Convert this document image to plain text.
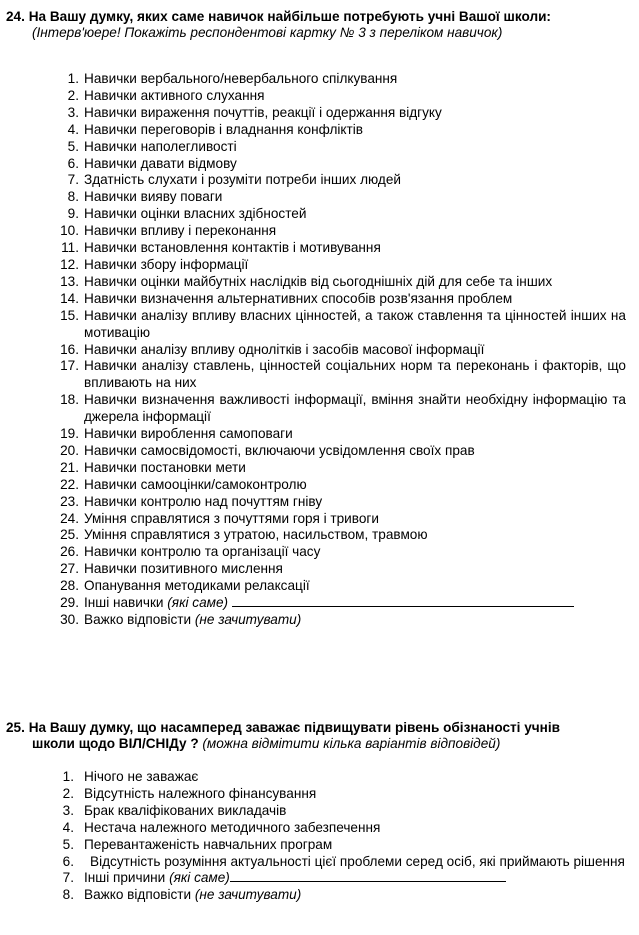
24. На Вашу думку, яких саме навичок найбільше потребують учні Вашої школи:
(Інтерв'юере! Покажіть респондентові картку № 3 з переліком навичок)
1. Навички вербального/невербального спілкування
2. Навички активного слухання
3. Навички вираження почуттів, реакції і одержання відгуку
4. Навички переговорів і владнання конфліктів
5. Навички наполегливості
6. Навички давати відмову
7. Здатність слухати і розуміти потреби інших людей
8. Навички вияву поваги
9. Навички оцінки власних здібностей
10. Навички впливу і переконання
11. Навички встановлення контактів і мотивування
12. Навички збору інформації
13. Навички оцінки майбутніх наслідків від сьогоднішніх дій для себе та інших
14. Навички визначення альтернативних способів розв'язання проблем
15. Навички аналізу впливу власних цінностей, а також ставлення та цінностей інших на мотивацію
16. Навички аналізу впливу однолітків і засобів масової інформації
17. Навички аналізу ставлень, цінностей соціальних норм та переконань і факторів, що впливають на них
18. Навички визначення важливості інформації, вміння знайти необхідну інформацію та джерела інформації
19. Навички вироблення самоповаги
20. Навички самосвідомості, включаючи усвідомлення своїх прав
21. Навички постановки мети
22. Навички самооцінки/самоконтролю
23. Навички контролю над почуттям гніву
24. Уміння справлятися з почуттями горя і тривоги
25. Уміння справлятися з утратою, насильством, травмою
26. Навички контролю та організації часу
27. Навички позитивного мислення
28. Опанування методиками релаксації
29. Інші навички (які саме)
30. Важко відповісти (не зачитувати)
25. На Вашу думку, що насамперед заважає підвищувати рівень обізнаності учнів
школи щодо ВІЛ/СНІДу ? (можна відмітити кілька варіантів відповідей)
1. Нічого не заважає
2. Відсутність належного фінансування
3. Брак кваліфікованих викладачів
4. Нестача належного методичного забезпечення
5. Перевантаженість навчальних програм
6. Відсутність розуміння актуальності цієї проблеми серед осіб, які приймають рішення
7. Інші причини (які саме)
8. Важко відповісти (не зачитувати)
